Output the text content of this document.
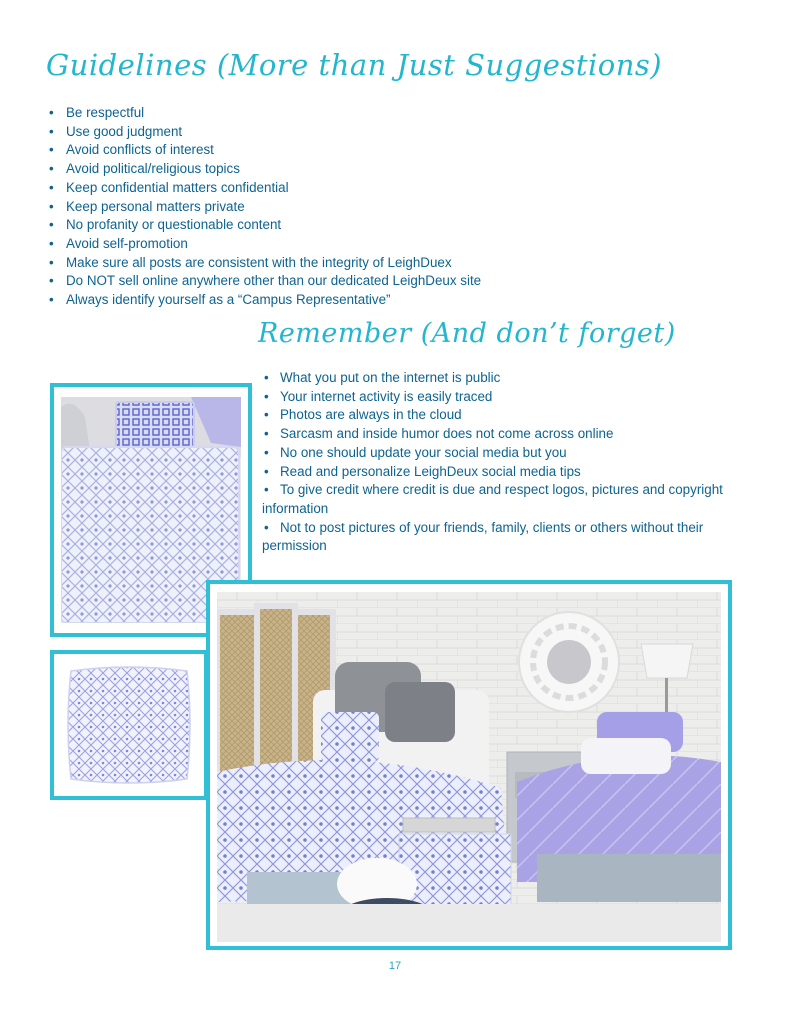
Guidelines (More than Just Suggestions)
• Be respectful
• Use good judgment
• Avoid conflicts of interest
• Avoid political/religious topics
• Keep confidential matters confidential
• Keep personal matters private
• No profanity or questionable content
• Avoid self-promotion
• Make sure all posts are consistent with the integrity of LeighDuex
• Do NOT sell online anywhere other than our dedicated LeighDeux site
• Always identify yourself as a “Campus Representative”
Remember (And don’t forget)
• What you put on the internet is public
• Your internet activity is easily traced
• Photos are always in the cloud
• Sarcasm and inside humor does not come across online
• No one should update your social media but you
• Read and personalize LeighDeux social media tips
• To give credit where credit is due and respect logos, pictures and copyright information
• Not to post pictures of your friends, family, clients or others without their permission
17
